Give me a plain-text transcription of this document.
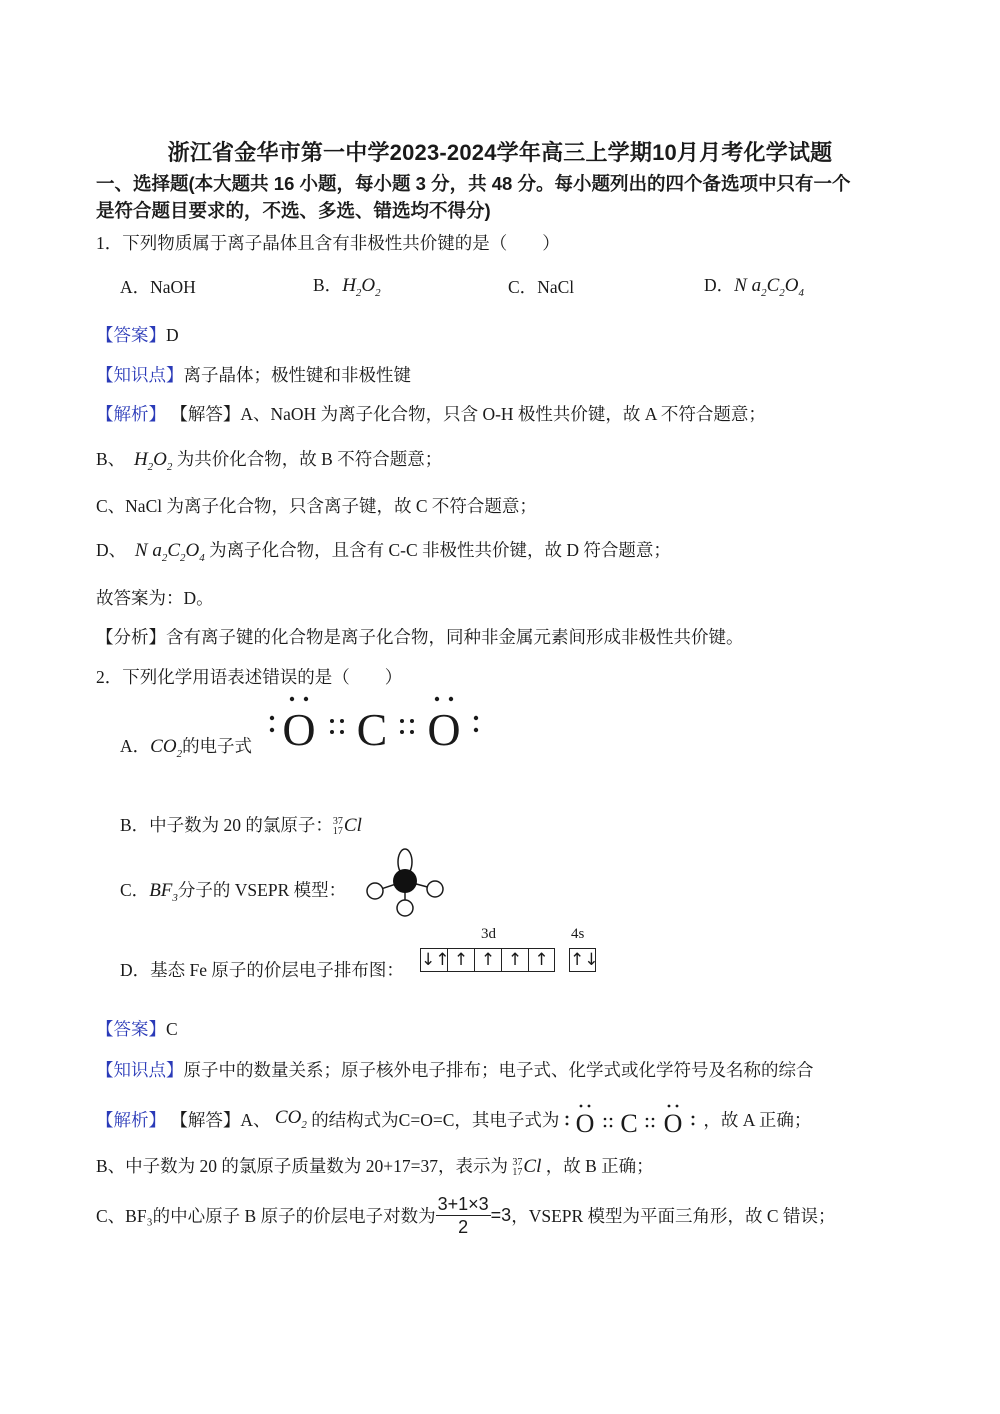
浙江省金华市第一中学2023-2024学年高三上学期10月月考化学试题
一、选择题(本大题共 16 小题，每小题 3 分，共 48 分。每小题列出的四个备选项中只有一个
是符合题目要求的，不选、多选、错选均不得分)
1．下列物质属于离子晶体且含有非极性共价键的是（　　）
A．NaOH	B．$H_2O_2$	C．NaCl	D．N $a_2C_2O_4$
【答案】D
【知识点】离子晶体；极性键和非极性键
【解析】 【解答】A、NaOH 为离子化合物，只含 O-H 极性共价键，故 A 不符合题意；
B、 $H_2O_2$ 为共价化合物，故 B 不符合题意；
C、NaCl 为离子化合物，只含离子键，故 C 不符合题意；
D、 N $a_2C_2O_4$ 为离子化合物，且含有 C-C 非极性共价键，故 D 符合题意；
故答案为：D。
【分析】含有离子键的化合物是离子化合物，同种非金属元素间形成非极性共价键。
2．下列化学用语表述错误的是（　　）
A．$CO_2$的电子式 O C O
B．中子数为 20 的氯原子： 37
17 Cl
C．$BF_3$分子的 VSEPR 模型：
D．基态 Fe 原子的价层电子排布图：
3d	4s
↓↑ ↑ ↑ ↑ ↑	↑↓
【答案】C
【知识点】原子中的数量关系；原子核外电子排布；电子式、化学式或化学符号及名称的综合
【解析】
【解答】 A、
$CO_2$
的结构式为C=O=C，其电子式为 O C O ，故 A 正确；
B、中子数为 20 的氯原子质量数为 20+17=37，表示为 37
17 Cl ，故 B 正确；
C、BF₃的中心原子 B 原子的价层电子对数为 $\frac{3+1\times 3}{2} =3$ ，VSEPR 模型为平面三角形，故 C 错误；
